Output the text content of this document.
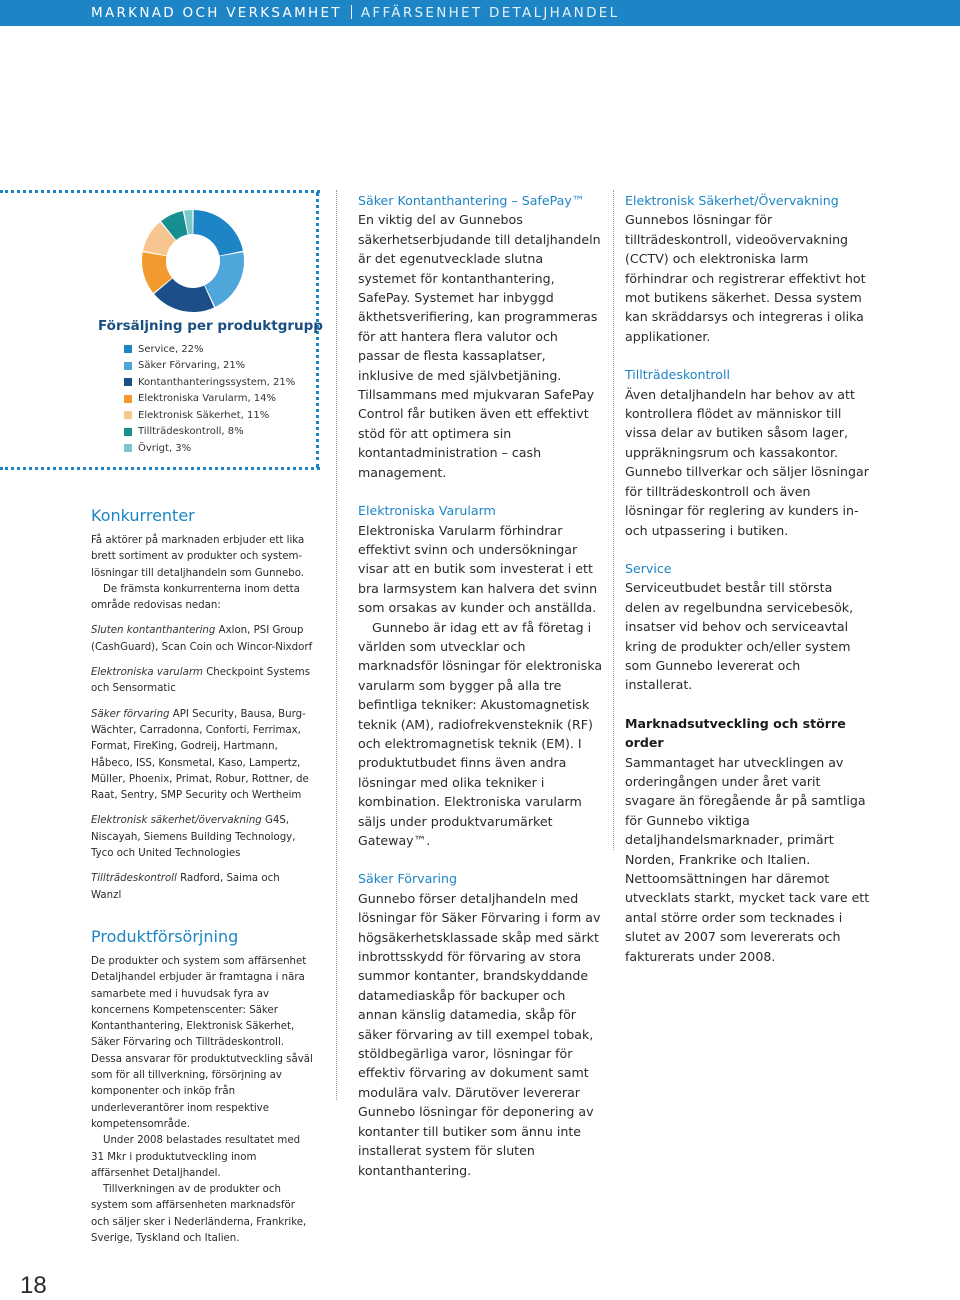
MARKNAD OCH VERKSAMHET AFFÄRSENHET DETALJHANDEL
Försäljning per produktgrupp
Service, 22%
Säker Förvaring, 21%
Kontanthanteringssystem, 21%
Elektroniska Varularm, 14%
Elektronisk Säkerhet, 11%
Tillträdeskontroll, 8%
Övrigt, 3%
Konkurrenter

Få aktörer på marknaden erbjuder ett lika brett sortiment av produkter och system-lösningar till detaljhandeln som Gunnebo.

De främsta konkurrenterna inom detta område redovisas nedan:

Sluten kontanthantering Axlon, PSI Group (CashGuard), Scan Coin och Wincor-Nixdorf

Elektroniska varularm Checkpoint Systems och Sensormatic

Säker förvaring API Security, Bausa, Burg-Wächter, Carradonna, Conforti, Ferrimax, Format, FireKing, Godreij, Hartmann, Håbeco, ISS, Konsmetal, Kaso, Lampertz, Müller, Phoenix, Primat, Robur, Rottner, de Raat, Sentry, SMP Security och Wertheim

Elektronisk säkerhet/övervakning G4S, Niscayah, Siemens Building Technology, Tyco och United Technologies

Tillträdeskontroll Radford, Saima och Wanzl

Produktförsörjning

De produkter och system som affärsenhet Detaljhandel erbjuder är framtagna i nära samarbete med i huvudsak fyra av koncernens Kompetenscenter: Säker Kontanthantering, Elektronisk Säkerhet, Säker Förvaring och Tillträdeskontroll. Dessa ansvarar för produktutveckling såväl som för all tillverkning, försörjning av komponenter och inköp från underleverantörer inom respektive kompetensområde.

Under 2008 belastades resultatet med 31 Mkr i produktutveckling inom affärsenhet Detaljhandel.

Tillverkningen av de produkter och system som affärsenheten marknadsför och säljer sker i Nederländerna, Frankrike, Sverige, Tyskland och Italien.

Säker Kontanthantering – SafePay™

En viktig del av Gunnebos säkerhetserbjudande till detaljhandeln är det egenutvecklade slutna systemet för kontanthantering, SafePay. Systemet har inbyggd äkthetsverifiering, kan programmeras för att hantera flera valutor och passar de flesta kassaplatser, inklusive de med självbetjäning. Tillsammans med mjukvaran SafePay Control får butiken även ett effektivt stöd för att optimera sin kontantadministration – cash management.

Elektroniska Varularm

Elektroniska Varularm förhindrar effektivt svinn och undersökningar visar att en butik som investerat i ett bra larmsystem kan halvera det svinn som orsakas av kunder och anställda.

Gunnebo är idag ett av få företag i världen som utvecklar och marknadsför lösningar för elektroniska varularm som bygger på alla tre befintliga tekniker: Akustomagnetisk teknik (AM), radiofrekvensteknik (RF) och elektromagnetisk teknik (EM). I produktutbudet finns även andra lösningar med olika tekniker i kombination. Elektroniska varularm säljs under produktvarumärket Gateway™.

Säker Förvaring

Gunnebo förser detaljhandeln med lösningar för Säker Förvaring i form av högsäkerhetsklassade skåp med särkt inbrottsskydd för förvaring av stora summor kontanter, brandskyddande datamediaskåp för backuper och annan känslig datamedia, skåp för säker förvaring av till exempel tobak, stöldbegärliga varor, lösningar för effektiv förvaring av dokument samt modulära valv. Därutöver levererar Gunnebo lösningar för deponering av kontanter till butiker som ännu inte installerat system för sluten kontanthantering.

Elektronisk Säkerhet/Övervakning

Gunnebos lösningar för tillträdeskontroll, videoövervakning (CCTV) och elektroniska larm förhindrar och registrerar effektivt hot mot butikens säkerhet. Dessa system kan skräddarsys och integreras i olika applikationer.

Tillträdeskontroll

Även detaljhandeln har behov av att kontrollera flödet av människor till vissa delar av butiken såsom lager, uppräkningsrum och kassakontor. Gunnebo tillverkar och säljer lösningar för tillträdeskontroll och även lösningar för reglering av kunders in- och utpassering i butiken.

Service

Serviceutbudet består till största delen av regelbundna servicebesök, insatser vid behov och serviceavtal kring de produkter och/eller system som Gunnebo levererat och installerat.

Marknadsutveckling och större order

Sammantaget har utvecklingen av orderingången under året varit svagare än föregående år på samtliga för Gunnebo viktiga detaljhandelsmarknader, primärt Norden, Frankrike och Italien. Nettoomsättningen har däremot utvecklats starkt, mycket tack vare ett antal större order som tecknades i slutet av 2007 som levererats och fakturerats under 2008.

18
